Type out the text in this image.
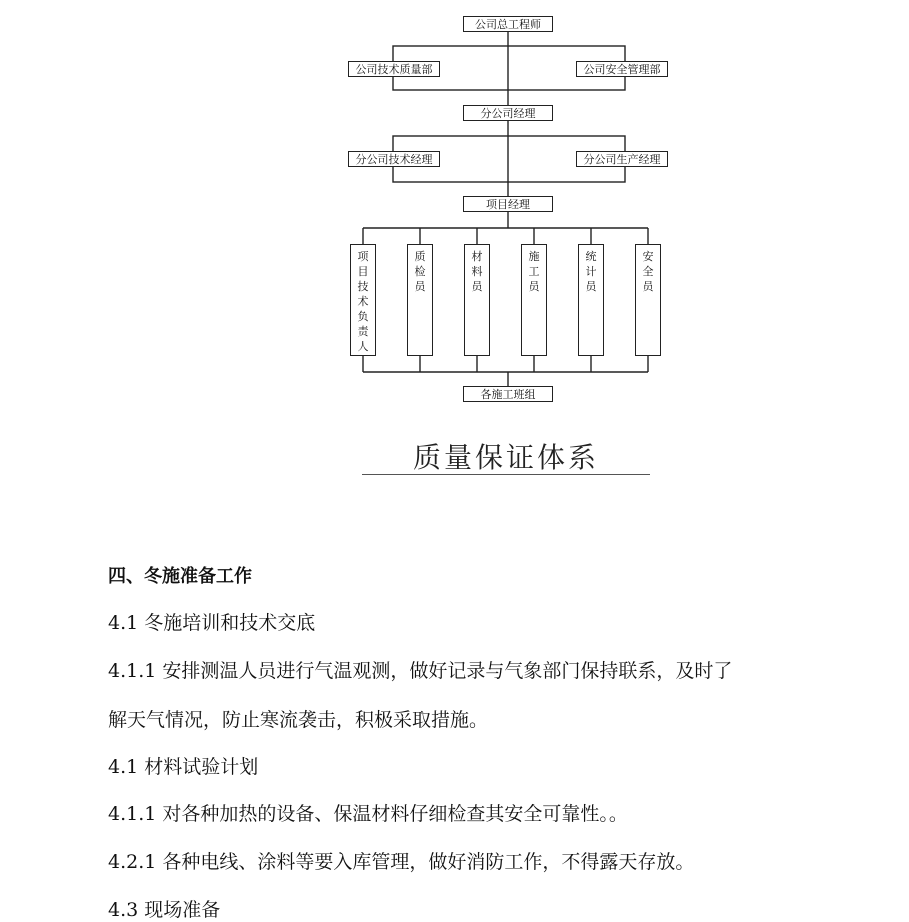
公司总工程师
公司技术质量部	公司安全管理部
分公司经理
分公司技术经理	分公司生产经理
项目经理
项目技术负责人
质检员
材料员
施工员
统计员
安全员
各施工班组
质量保证体系
四、冬施准备工作
4.1 冬施培训和技术交底
4.1.1 安排测温人员进行气温观测，做好记录与气象部门保持联系，及时了
解天气情况，防止寒流袭击，积极采取措施。
4.1 材料试验计划
4.1.1 对各种加热的设备、保温材料仔细检查其安全可靠性。。
4.2.1 各种电线、涂料等要入库管理，做好消防工作，不得露天存放。
4.3 现场准备
